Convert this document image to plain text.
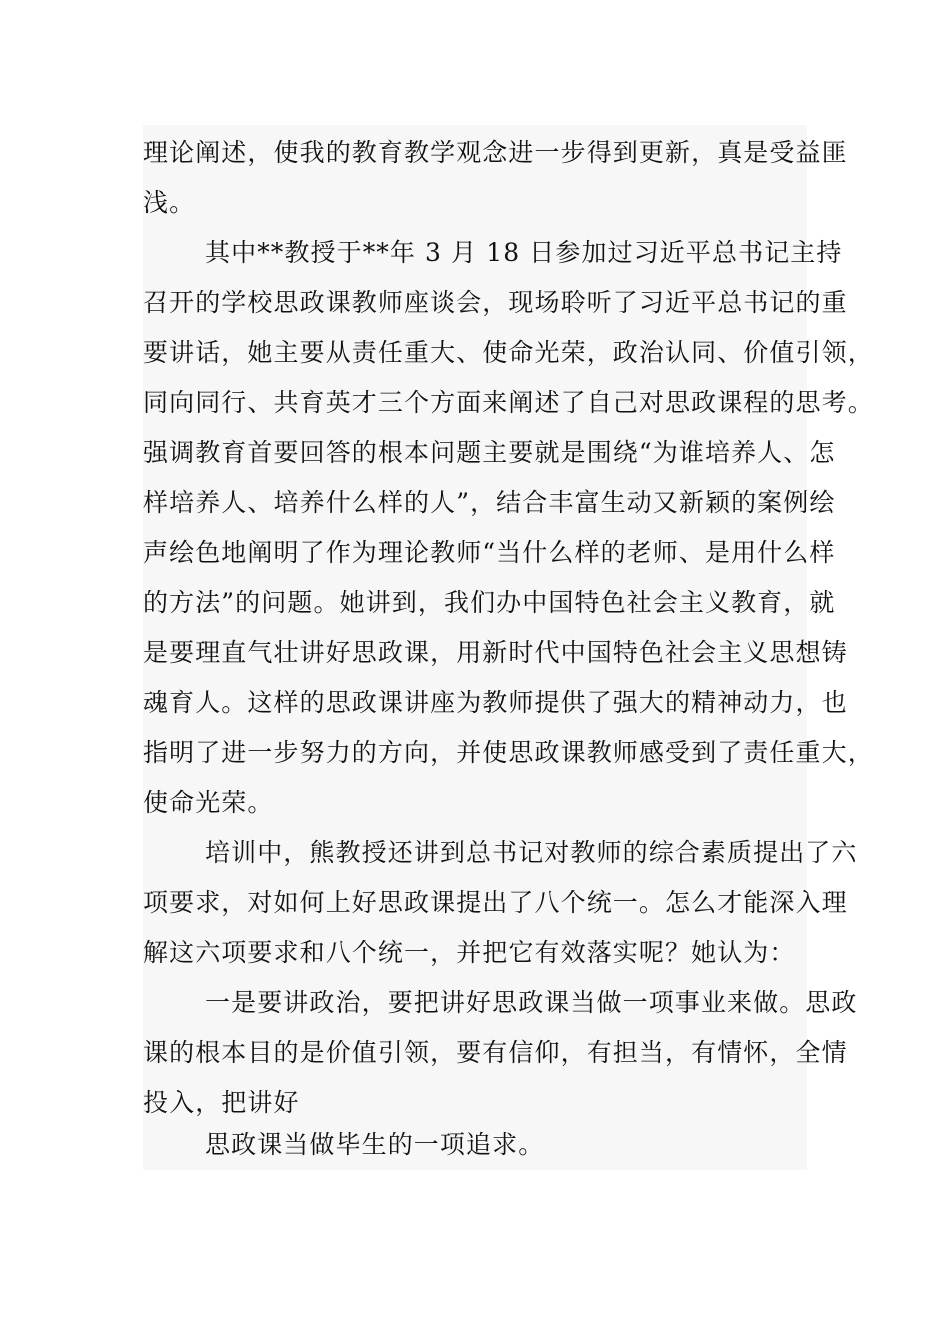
理论阐述，使我的教育教学观念进一步得到更新，真是受益匪
浅。
其中**教授于**年 3 月 18 日参加过习近平总书记主持
召开的学校思政课教师座谈会，现场聆听了习近平总书记的重
要讲话，她主要从责任重大、使命光荣，政治认同、价值引领，
同向同行、共育英才三个方面来阐述了自己对思政课程的思考。
强调教育首要回答的根本问题主要就是围绕“为谁培养人、怎
样培养人、培养什么样的人”，结合丰富生动又新颖的案例绘
声绘色地阐明了作为理论教师“当什么样的老师、是用什么样
的方法”的问题。她讲到，我们办中国特色社会主义教育，就
是要理直气壮讲好思政课，用新时代中国特色社会主义思想铸
魂育人。这样的思政课讲座为教师提供了强大的精神动力，也
指明了进一步努力的方向，并使思政课教师感受到了责任重大，
使命光荣。
培训中，熊教授还讲到总书记对教师的综合素质提出了六
项要求，对如何上好思政课提出了八个统一。怎么才能深入理
解这六项要求和八个统一，并把它有效落实呢？她认为：
一是要讲政治，要把讲好思政课当做一项事业来做。思政
课的根本目的是价值引领，要有信仰，有担当，有情怀，全情
投入，把讲好
思政课当做毕生的一项追求。
